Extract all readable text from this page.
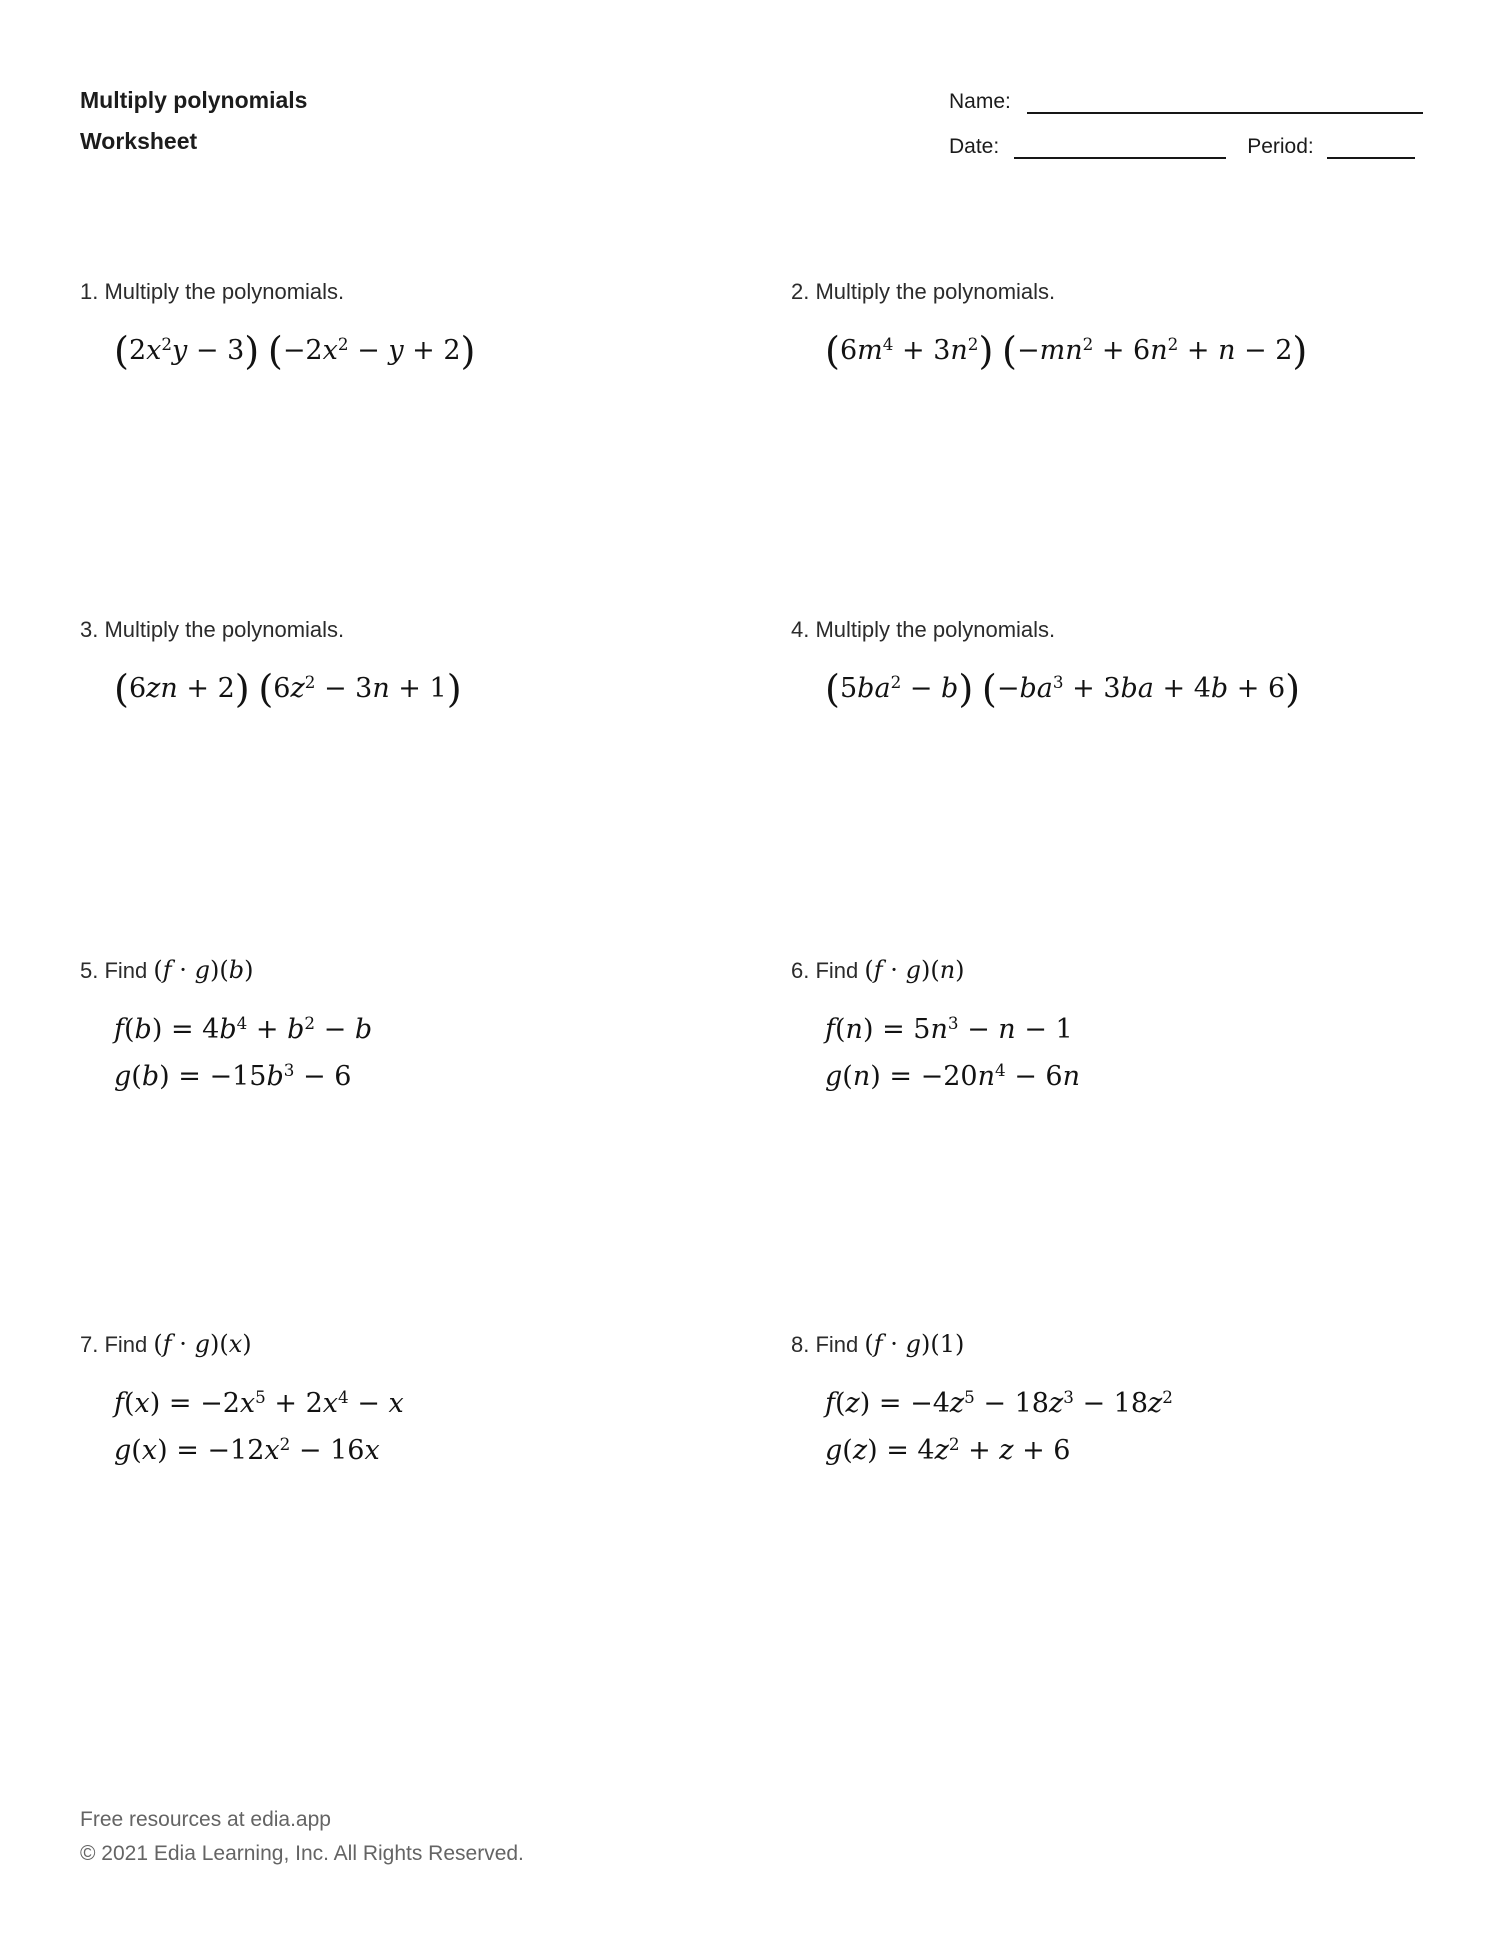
Multiply polynomials
Worksheet
Name:
Date:	Period:
1. Multiply the polynomials.
$(2x^2y - 3) (-2x^2 - y + 2)$
2. Multiply the polynomials.
$(6m^4 + 3n^2) (-mn^2 + 6n^2 + n - 2)$
3. Multiply the polynomials.
(6zn + 2) $(6z^2 - 3n + 1)$
4. Multiply the polynomials.
$(5ba^2 - b) (-ba^3 + 3ba + 4b + 6)$
5. Find (f · g)(b)
$f(b) = 4b^4 + b^2 - b$
$g(b) = -15b^3 - 6$
6. Find (f · g)(n)
$f(n) = 5n^3 - n - 1$
$g(n) = -20n^4 - 6n$
7. Find (f · g)(x)
$f(x) = -2x^5 + 2x^4 - x$
$g(x) = -12x^2 - 16x$
8. Find (f · g)(1)
$f(z) = -4z^5 - 18z^3 - 18z^2$
$g(z) = 4z^2 + z + 6$
Free resources at edia.app
© 2021 Edia Learning, Inc. All Rights Reserved.
